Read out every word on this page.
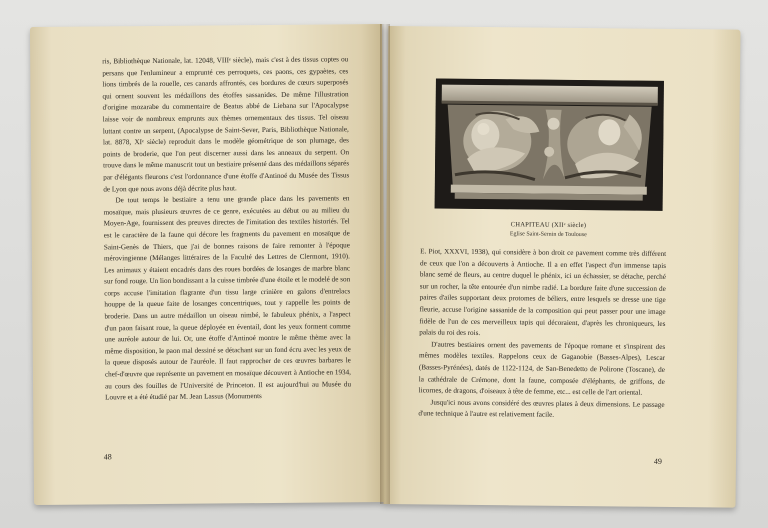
ris, Bibliothèque Nationale, lat. 12048, VIIIᵉ siècle), mais c'est à des tissus coptes ou persans que l'enlumineur a emprunté ces perroquets, ces paons, ces gypaètes, ces lions timbrés de la rouelle, ces canards affrontés, ces bordures de cœurs superposés qui ornent souvent les médaillons des étoffes sassanides. De même l'illustration d'origine mozarabe du commentaire de Beatus abbé de Liebana sur l'Apocalypse laisse voir de nombreux emprunts aux thèmes ornementaux des tissus. Tel oiseau luttant contre un serpent, (Apocalypse de Saint-Sever, Paris, Bibliothèque Nationale, lat. 8878, XIᵉ siècle) reproduit dans le modèle géométrique de son plumage, des points de broderie, que l'on peut discerner aussi dans les anneaux du serpent. On trouve dans le même manuscrit tout un bestiaire présenté dans des médaillons séparés par d'élégants fleurons c'est l'ordonnance d'une étoffe d'Antinoé du Musée des Tissus de Lyon que nous avons déjà décrite plus haut.

De tout temps le bestiaire a tenu une grande place dans les pavements en mosaïque, mais plusieurs œuvres de ce genre, exécutées au début ou au milieu du Moyen-Age, fournissent des preuves directes de l'imitation des textiles historiés. Tel est le caractère de la faune qui décore les fragments du pavement en mosaïque de Saint-Genès de Thiers, que j'ai de bonnes raisons de faire remonter à l'époque mérovingienne (Mélanges littéraires de la Faculté des Lettres de Clermont, 1910). Les animaux y étaient encadrés dans des roues bordées de losanges de marbre blanc sur fond rouge. Un lion bondissant a la cuisse timbrée d'une étoile et le modelé de son corps accuse l'imitation flagrante d'un tissu large crinière en galons d'entrelacs houppe de la queue faite de losanges concentriques, tout y rappelle les points de broderie. Dans un autre médaillon un oiseau nimbé, le fabuleux phénix, a l'aspect d'un paon faisant roue, la queue déployée en éventail, dont les yeux forment comme une auréole autour de lui. Or, une étoffe d'Antinoé montre le même thème avec la même disposition, le paon mal dessiné se détachant sur un fond écru avec les yeux de la queue disposés autour de l'auréole. Il faut rapprocher de ces œuvres barbares le chef-d'œuvre que représente un pavement en mosaïque découvert à Antioche en 1934, au cours des fouilles de l'Université de Princeton. Il est aujourd'hui au Musée du Louvre et a été étudié par M. Jean Lassus (Monuments

48
CHAPITEAU (XIIᵉ siècle)
Eglise Saint-Sernin de Toulouse

E. Piot, XXXVI, 1938), qui considère à bon droit ce pavement comme très différent de ceux que l'on a découverts à Antioche. Il a en effet l'aspect d'un immense tapis blanc semé de fleurs, au centre duquel le phénix, ici un échassier, se détache, perché sur un rocher, la tête entourée d'un nimbe radié. La bordure faite d'une succession de paires d'ailes supportant deux protomes de béliers, entre lesquels se dresse une tige fleurie, accuse l'origine sassanide de la composition qui peut passer pour une image fidèle de l'un de ces merveilleux tapis qui décoraient, d'après les chroniqueurs, les palais du roi des rois.

D'autres bestiaires ornent des pavements de l'époque romane et s'inspirent des mêmes modèles textiles. Rappelons ceux de Gaganobie (Basses-Alpes), Lescar (Basses-Pyrénées), datés de 1122-1124, de San-Benedetto de Polirone (Toscane), de la cathédrale de Crémone, dont la faune, composée d'éléphants, de griffons, de licornes, de dragons, d'oiseaux à tête de femme, etc... est celle de l'art oriental.

Jusqu'ici nous avons considéré des œuvres plates à deux dimensions. Le passage d'une technique à l'autre est relativement facile.

49
